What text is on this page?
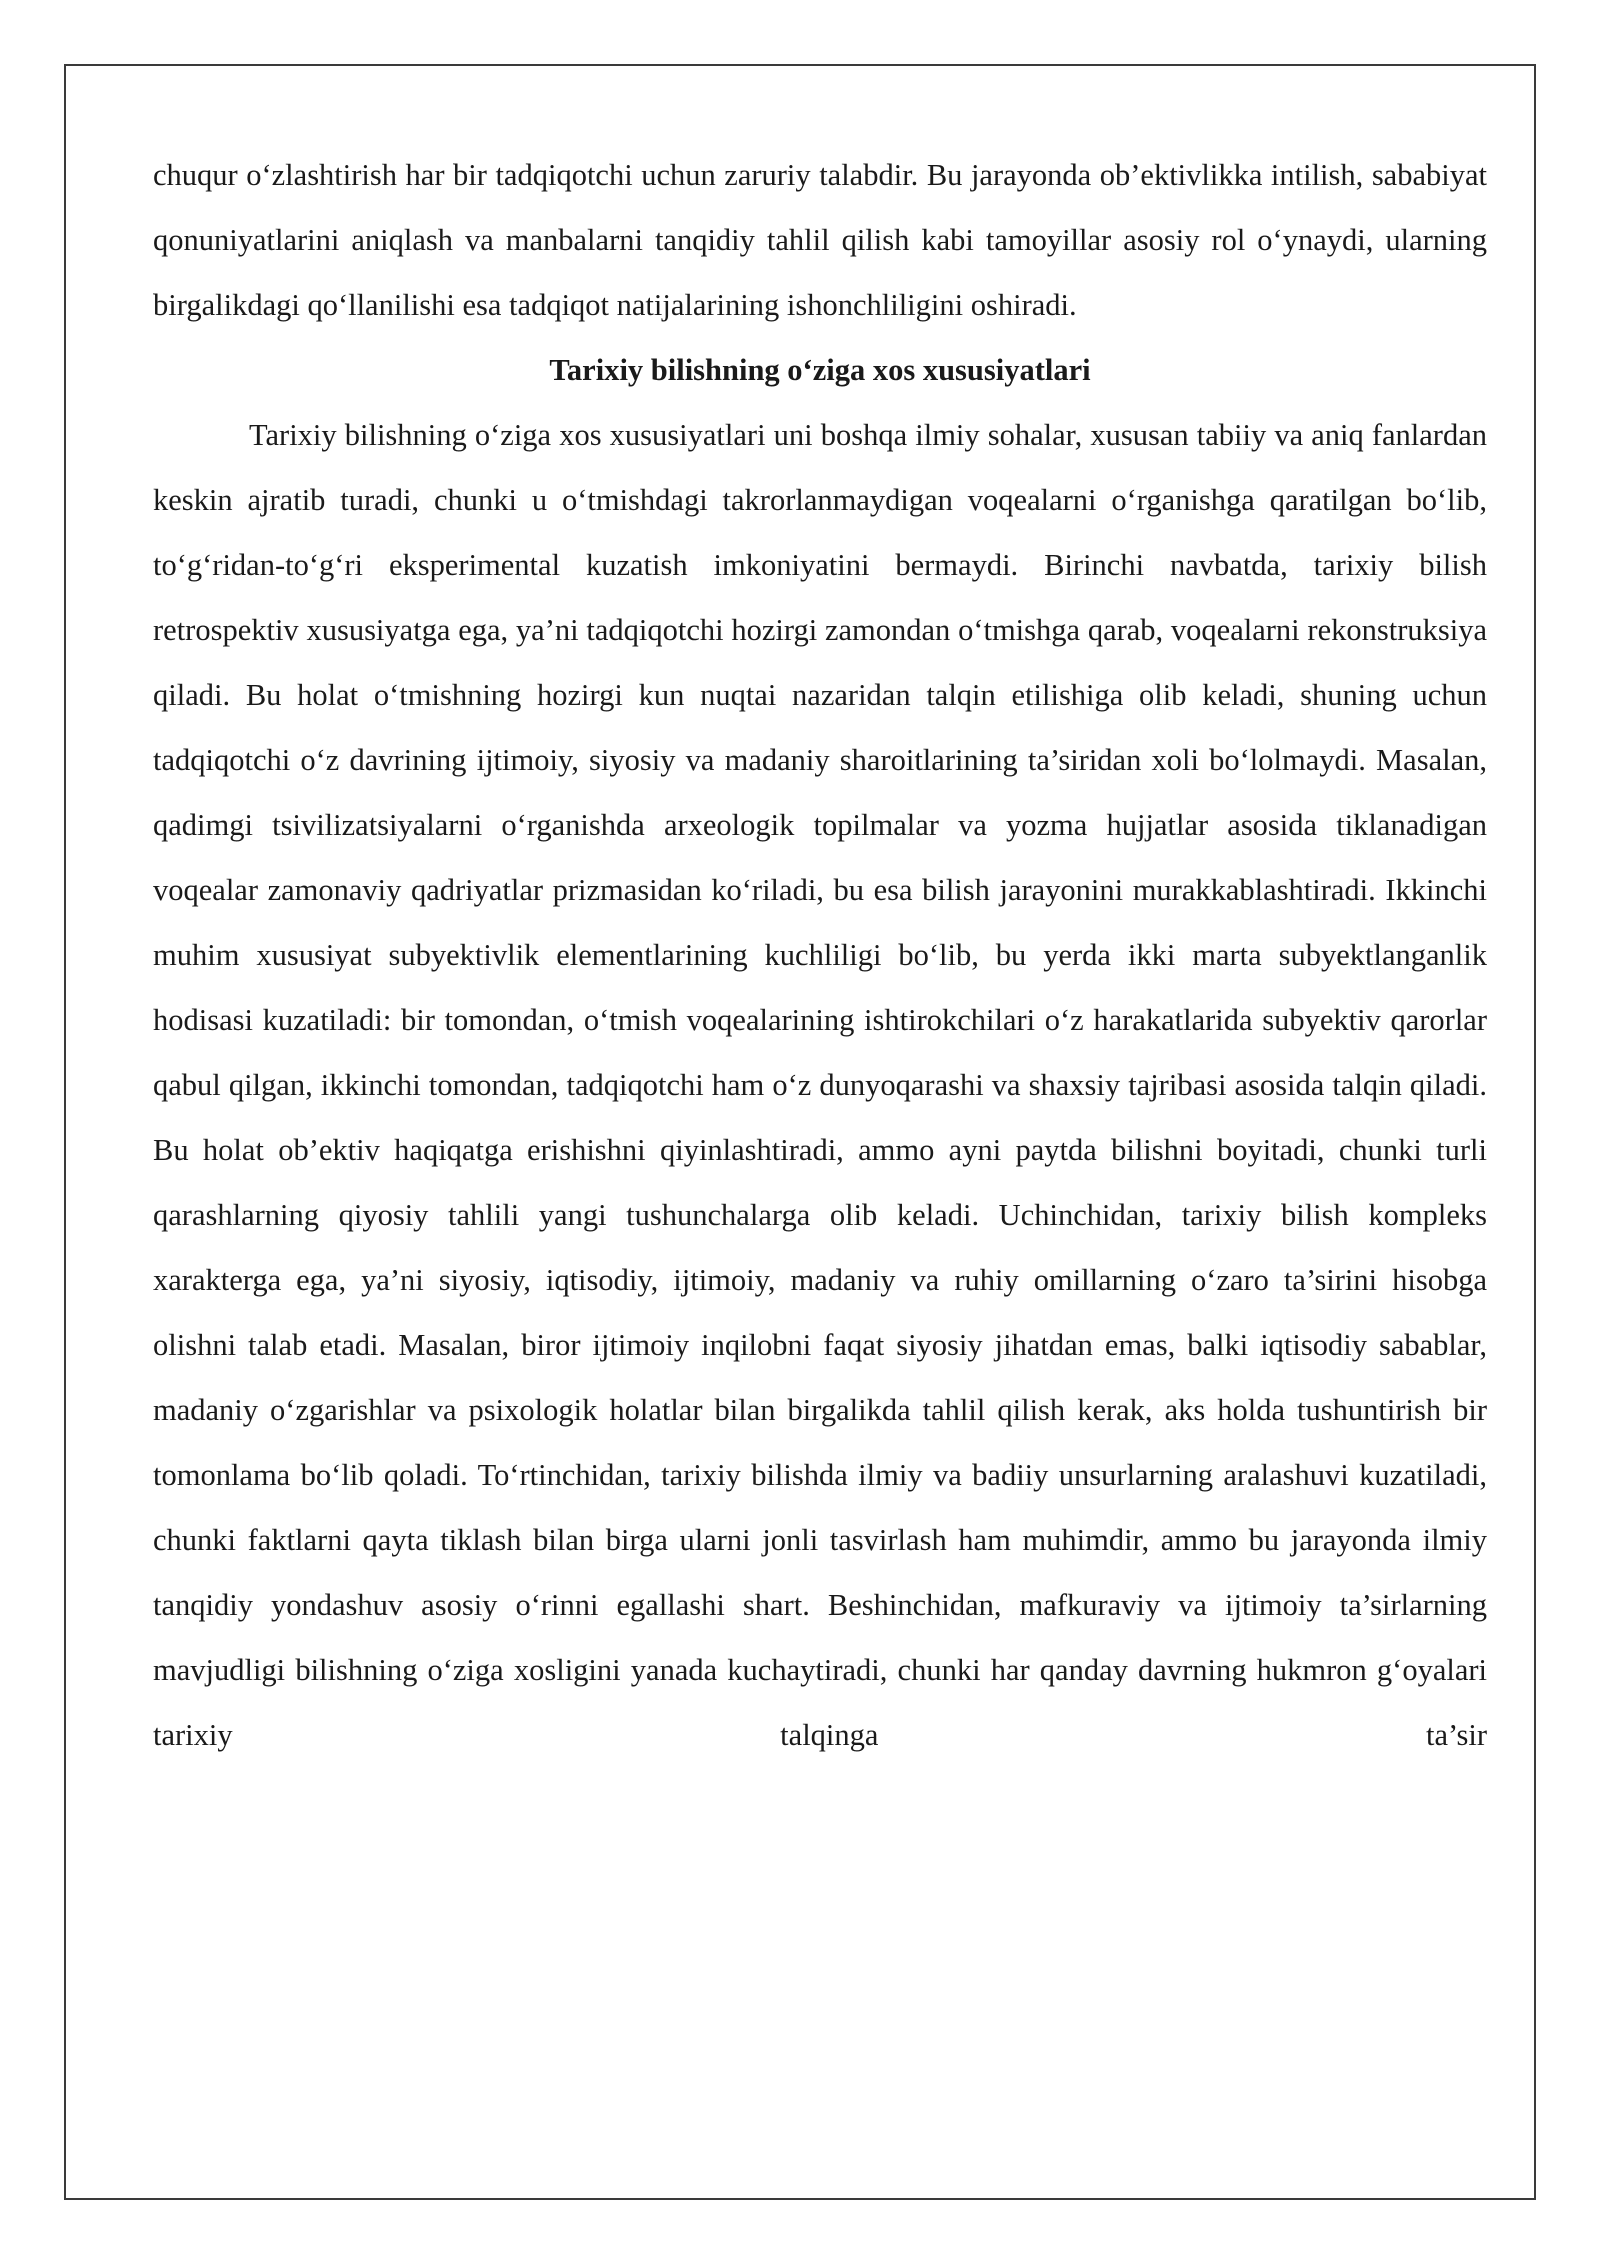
chuqur o‘zlashtirish har bir tadqiqotchi uchun zaruriy talabdir. Bu jarayonda ob’ektivlikka intilish, sababiyat qonuniyatlarini aniqlash va manbalarni tanqidiy tahlil qilish kabi tamoyillar asosiy rol o‘ynaydi, ularning birgalikdagi qo‘llanilishi esa tadqiqot natijalarining ishonchliligini oshiradi.

Tarixiy bilishning o‘ziga xos xususiyatlari

Tarixiy bilishning o‘ziga xos xususiyatlari uni boshqa ilmiy sohalar, xususan tabiiy va aniq fanlardan keskin ajratib turadi, chunki u o‘tmishdagi takrorlanmaydigan voqealarni o‘rganishga qaratilgan bo‘lib, to‘g‘ridan-to‘g‘ri eksperimental kuzatish imkoniyatini bermaydi. Birinchi navbatda, tarixiy bilish retrospektiv xususiyatga ega, ya’ni tadqiqotchi hozirgi zamondan o‘tmishga qarab, voqealarni rekonstruksiya qiladi. Bu holat o‘tmishning hozirgi kun nuqtai nazaridan talqin etilishiga olib keladi, shuning uchun tadqiqotchi o‘z davrining ijtimoiy, siyosiy va madaniy sharoitlarining ta’siridan xoli bo‘lolmaydi. Masalan, qadimgi tsivilizatsiyalarni o‘rganishda arxeologik topilmalar va yozma hujjatlar asosida tiklanadigan voqealar zamonaviy qadriyatlar prizmasidan ko‘riladi, bu esa bilish jarayonini murakkablashtiradi. Ikkinchi muhim xususiyat subyektivlik elementlarining kuchliligi bo‘lib, bu yerda ikki marta subyektlanganlik hodisasi kuzatiladi: bir tomondan, o‘tmish voqealarining ishtirokchilari o‘z harakatlarida subyektiv qarorlar qabul qilgan, ikkinchi tomondan, tadqiqotchi ham o‘z dunyoqarashi va shaxsiy tajribasi asosida talqin qiladi. Bu holat ob’ektiv haqiqatga erishishni qiyinlashtiradi, ammo ayni paytda bilishni boyitadi, chunki turli qarashlarning qiyosiy tahlili yangi tushunchalarga olib keladi. Uchinchidan, tarixiy bilish kompleks xarakterga ega, ya’ni siyosiy, iqtisodiy, ijtimoiy, madaniy va ruhiy omillarning o‘zaro ta’sirini hisobga olishni talab etadi. Masalan, biror ijtimoiy inqilobni faqat siyosiy jihatdan emas, balki iqtisodiy sabablar, madaniy o‘zgarishlar va psixologik holatlar bilan birgalikda tahlil qilish kerak, aks holda tushuntirish bir tomonlama bo‘lib qoladi. To‘rtinchidan, tarixiy bilishda ilmiy va badiiy unsurlarning aralashuvi kuzatiladi, chunki faktlarni qayta tiklash bilan birga ularni jonli tasvirlash ham muhimdir, ammo bu jarayonda ilmiy tanqidiy yondashuv asosiy o‘rinni egallashi shart. Beshinchidan, mafkuraviy va ijtimoiy ta’sirlarning mavjudligi bilishning o‘ziga xosligini yanada kuchaytiradi, chunki har qanday davrning hukmron g‘oyalari tarixiy talqinga ta’sir
